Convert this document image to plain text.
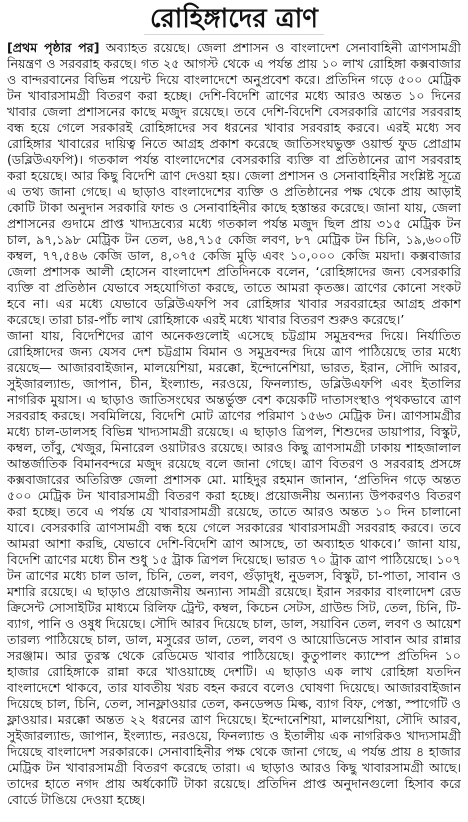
রোহিঙ্গাদের ত্রাণ

[প্রথম পৃষ্ঠার পর] অব্যাহত রয়েছে। জেলা প্রশাসন ও বাংলাদেশ সেনাবাহিনী ত্রাণসামগ্রী নিয়ন্ত্রণ ও সরবরাহ করছে। গত ২৫ আগস্ট থেকে এ পর্যন্ত প্রায় ১০ লাখ রোহিঙ্গা কক্সবাজার ও বান্দরবানের বিভিন্ন পয়েন্ট দিয়ে বাংলাদেশে অনুপ্রবেশ করে। প্রতিদিন গড়ে ৫০০ মেট্রিক টন খাবারসামগ্রী বিতরণ করা হচ্ছে। দেশি-বিদেশি ত্রাণের মধ্যে আরও অন্তত ১০ দিনের খাবার জেলা প্রশাসনের কাছে মজুদ রয়েছে। তবে দেশি-বিদেশি বেসরকারি ত্রাণের সরবরাহ বন্ধ হয়ে গেলে সরকারই রোহিঙ্গাদের সব ধরনের খাবার সরবরাহ করবে। এরই মধ্যে সব রোহিঙ্গার খাবারের দায়িত্ব নিতে আগ্রহ প্রকাশ করেছে জাতিসংঘভুক্ত ওয়ার্ল্ড ফুড প্রোগ্রাম (ডব্লিউএফপি)। গতকাল পর্যন্ত বাংলাদেশের বেসরকারি ব্যক্তি বা প্রতিষ্ঠানের ত্রাণ সরবরাহ করা হয়েছে। আর কিছু বিদেশি ত্রাণ দেওয়া হয়। জেলা প্রশাসন ও সেনাবাহিনীর সংশ্লিষ্ট সূত্রে এ তথ্য জানা গেছে। এ ছাড়াও বাংলাদেশের ব্যক্তি ও প্রতিষ্ঠানের পক্ষ থেকে প্রায় আড়াই কোটি টাকা অনুদান সরকারি ফান্ড ও সেনাবাহিনীর কাছে হস্তান্তর করেছে। জানা যায়, জেলা প্রশাসনের গুদামে প্রাপ্ত খাদ্যদ্রব্যের মধ্যে গতকাল পর্যন্ত মজুদ ছিল প্রায় ৩১৫ মেট্রিক টন চাল, ৯৭,১৯৮ মেট্রিক টন তেল, ৬৪,৭১৫ কেজি লবণ, ৮৭ মেট্রিক টন চিনি, ১৯,৬০০টি কম্বল, ৭৭,৫৪৬ কেজি ডাল, ৪,০৭৫ কেজি মুড়ি এবং ১০,০০০ কেজি ময়দা। কক্সবাজার জেলা প্রশাসক আলী হোসেন বাংলাদেশ প্রতিদিনকে বলেন, ‘রোহিঙ্গাদের জন্য বেসরকারি ব্যক্তি বা প্রতিষ্ঠান যেভাবে সহযোগিতা করছে, তাতে আমরা কৃতজ্ঞ। ত্রাণের কোনো সংকট হবে না। এর মধ্যে যেভাবে ডব্লিউএফপি সব রোহিঙ্গার খাবার সরবরাহের আগ্রহ প্রকাশ করেছে। তারা চার-পাঁচ লাখ রোহিঙ্গাকে এরই মধ্যে খাবার বিতরণ শুরুও করেছে।’

জানা যায়, বিদেশিদের ত্রাণ অনেকগুলোই এসেছে চট্টগ্রাম সমুদ্রবন্দর দিয়ে। নির্যাতিত রোহিঙ্গাদের জন্য যেসব দেশ চট্টগ্রাম বিমান ও সমুদ্রবন্দর দিয়ে ত্রাণ পাঠিয়েছে তার মধ্যে রয়েছে— আজারবাইজান, মালয়েশিয়া, মরক্কো, ইন্দোনেশিয়া, ভারত, ইরান, সৌদি আরব, সুইজারল্যান্ড, জাপান, চীন, ইংল্যান্ড, নরওয়ে, ফিনল্যান্ড, ডব্লিউএফপি এবং ইতালির নাগরিক মুয়াস। এ ছাড়াও জাতিসংঘের অন্তর্ভুক্ত বেশ কয়েকটি দাতাসংস্থাও পৃথকভাবে ত্রাণ সরবরাহ করছে। সবমিলিয়ে, বিদেশি মোট ত্রাণের পরিমাণ ১৫৬৩ মেট্রিক টন। ত্রাণসামগ্রীর মধ্যে চাল-ডালসহ বিভিন্ন খাদ্যসামগ্রী রয়েছে। এ ছাড়াও ত্রিপল, শিশুদের ডায়াপার, বিস্কুট, কম্বল, তাঁবু, খেজুর, মিনারেল ওয়াটারও রয়েছে। আরও কিছু ত্রাণসামগ্রী ঢাকায় শাহজালাল আন্তর্জাতিক বিমানবন্দরে মজুদ রয়েছে বলে জানা গেছে। ত্রাণ বিতরণ ও সরবরাহ প্রসঙ্গে কক্সবাজারের অতিরিক্ত জেলা প্রশাসক মো. মাহিদুর রহমান জানান, ‘প্রতিদিন গড়ে অন্তত ৫০০ মেট্রিক টন খাবারসামগ্রী বিতরণ করা হচ্ছে। প্রয়োজনীয় অন্যান্য উপকরণও বিতরণ করা হচ্ছে। তবে এ পর্যন্ত যে খাবারসামগ্রী রয়েছে, তাতে আরও অন্তত ১০ দিন চালানো যাবে। বেসরকারি ত্রাণসামগ্রী বন্ধ হয়ে গেলে সরকারের খাবারসামগ্রী সরবরাহ করবে। তবে আমরা আশা করছি, যেভাবে দেশি-বিদেশি ত্রাণ আসছে, তা অব্যাহত থাকবে।’ জানা যায়, বিদেশি ত্রাণের মধ্যে চীন শুধু ১৫ ট্রাক ত্রিপল দিয়েছে। ভারত ৭০ ট্রাক ত্রাণ পাঠিয়েছে। ১০৭ টন ত্রাণের মধ্যে চাল ডাল, চিনি, তেল, লবণ, গুঁড়াদুধ, নুডলস, বিস্কুট, চা-পাতা, সাবান ও মশারি রয়েছে। এ ছাড়াও প্রয়োজনীয় অন্যান্য সামগ্রী রয়েছে। ইরান সরকার বাংলাদেশ রেড ক্রিসেন্ট সোসাইটির মাধ্যমে রিলিফ ট্রেন্ট, কম্বল, কিচেন সেটস, গ্রাউন্ড সিট, তেল, চিনি, টি-ব্যাগ, পানি ও ওষুধ দিয়েছে। সৌদি আরব দিয়েছে চাল, ডাল, সয়াবিন তেল, লবণ ও আয়েশ তারল্য পাঠিয়েছে চাল, ডাল, মসুরের ডাল, তেল, লবণ ও আয়োডিনেড সাবান আর রান্নার সরঞ্জাম। আর তুরস্ক থেকে রেডিমেড খাবার পাঠিয়েছে। কুতুপালং ক্যাম্পে প্রতিদিন ১০ হাজার রোহিঙ্গাকে রান্না করে খাওয়াচ্ছে দেশটি। এ ছাড়াও এক লাখ রোহিঙ্গা যতদিন বাংলাদেশে থাকবে, তার যাবতীয় খরচ বহন করবে বলেও ঘোষণা দিয়েছে। আজারবাইজান দিয়েছে চাল, চিনি, তেল, সানফ্লাওয়ার তেল, কনডেন্সড মিল্ক, ব্যাগ বিফ, পেস্তা, স্পাগেটি ও ফ্লাওয়ার। মরক্কো অন্তত ২২ ধরনের ত্রাণ দিয়েছে। ইন্দোনেশিয়া, মালয়েশিয়া, সৌদি আরব, সুইজারল্যান্ড, জাপান, ইংল্যান্ড, নরওয়ে, ফিনল্যান্ড ও ইতালীয় এক নাগরিকও খাদ্যসামগ্রী দিয়েছে বাংলাদেশ সরকারকে। সেনাবাহিনীর পক্ষ থেকে জানা গেছে, এ পর্যন্ত প্রায় ৪ হাজার মেট্রিক টন খাবারসামগ্রী বিতরণ করেছে তারা। এ ছাড়াও আরও কিছু খাবারসামগ্রী আছে। তাদের হাতে নগদ প্রায় অর্ধকোটি টাকা রয়েছে। প্রতিদিন প্রাপ্ত অনুদানগুলো হিসাব করে বোর্ডে টাঙিয়ে দেওয়া হচ্ছে।
